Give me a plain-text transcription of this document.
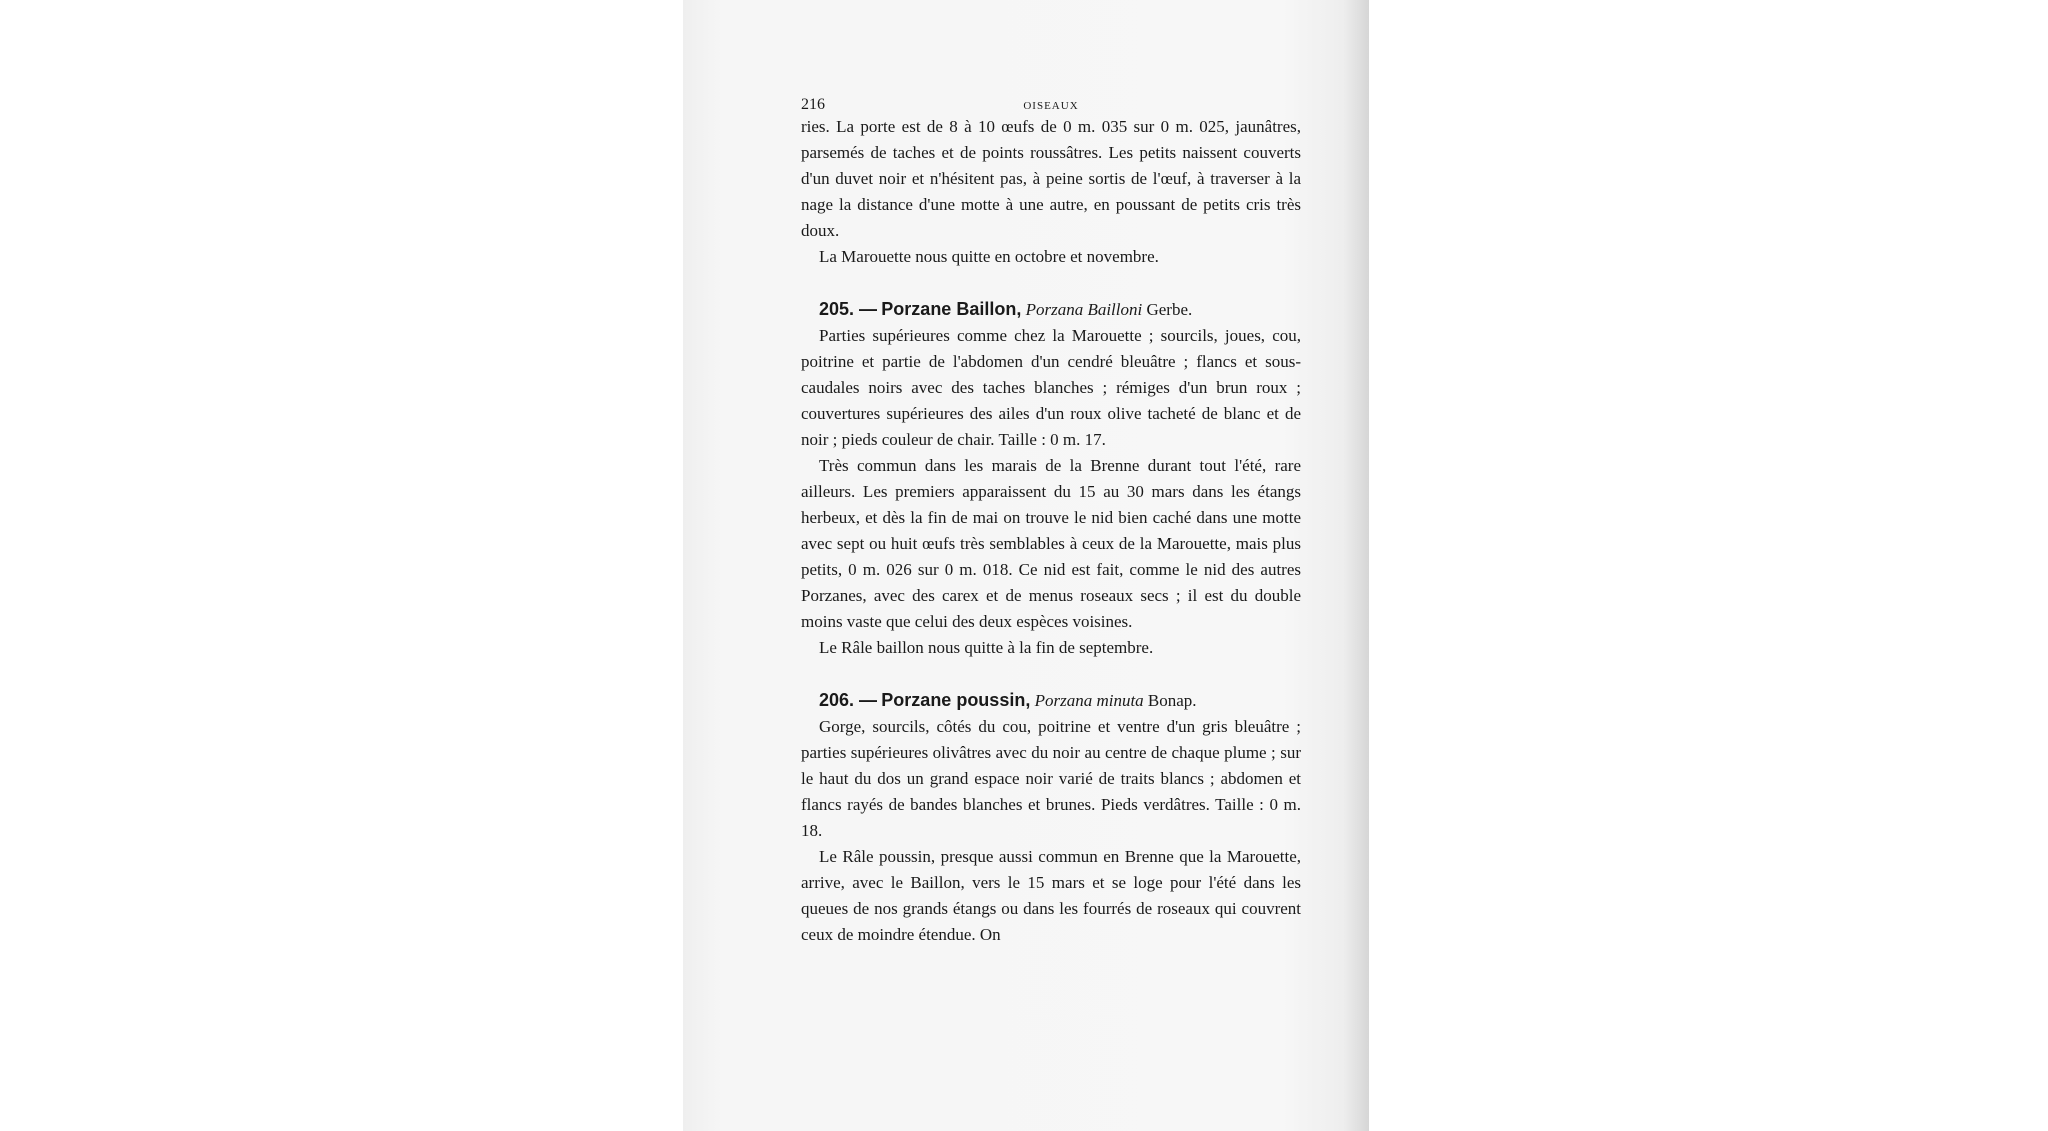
216	OISEAUX

ries. La porte est de 8 à 10 œufs de 0 m. 035 sur 0 m. 025, jaunâtres, parsemés de taches et de points roussâtres. Les petits naissent couverts d'un duvet noir et n'hésitent pas, à peine sortis de l'œuf, à traverser à la nage la distance d'une motte à une autre, en poussant de petits cris très doux.

La Marouette nous quitte en octobre et novembre.

205. — Porzane Baillon, Porzana Bailloni Gerbe.

Parties supérieures comme chez la Marouette ; sourcils, joues, cou, poitrine et partie de l'abdomen d'un cendré bleuâtre ; flancs et sous-caudales noirs avec des taches blanches ; rémiges d'un brun roux ; couvertures supérieures des ailes d'un roux olive tacheté de blanc et de noir ; pieds couleur de chair. Taille : 0 m. 17.

Très commun dans les marais de la Brenne durant tout l'été, rare ailleurs. Les premiers apparaissent du 15 au 30 mars dans les étangs herbeux, et dès la fin de mai on trouve le nid bien caché dans une motte avec sept ou huit œufs très semblables à ceux de la Marouette, mais plus petits, 0 m. 026 sur 0 m. 018. Ce nid est fait, comme le nid des autres Porzanes, avec des carex et de menus roseaux secs ; il est du double moins vaste que celui des deux espèces voisines.

Le Râle baillon nous quitte à la fin de septembre.

206. — Porzane poussin, Porzana minuta Bonap.

Gorge, sourcils, côtés du cou, poitrine et ventre d'un gris bleuâtre ; parties supérieures olivâtres avec du noir au centre de chaque plume ; sur le haut du dos un grand espace noir varié de traits blancs ; abdomen et flancs rayés de bandes blanches et brunes. Pieds verdâtres. Taille : 0 m. 18.

Le Râle poussin, presque aussi commun en Brenne que la Marouette, arrive, avec le Baillon, vers le 15 mars et se loge pour l'été dans les queues de nos grands étangs ou dans les fourrés de roseaux qui couvrent ceux de moindre étendue. On
